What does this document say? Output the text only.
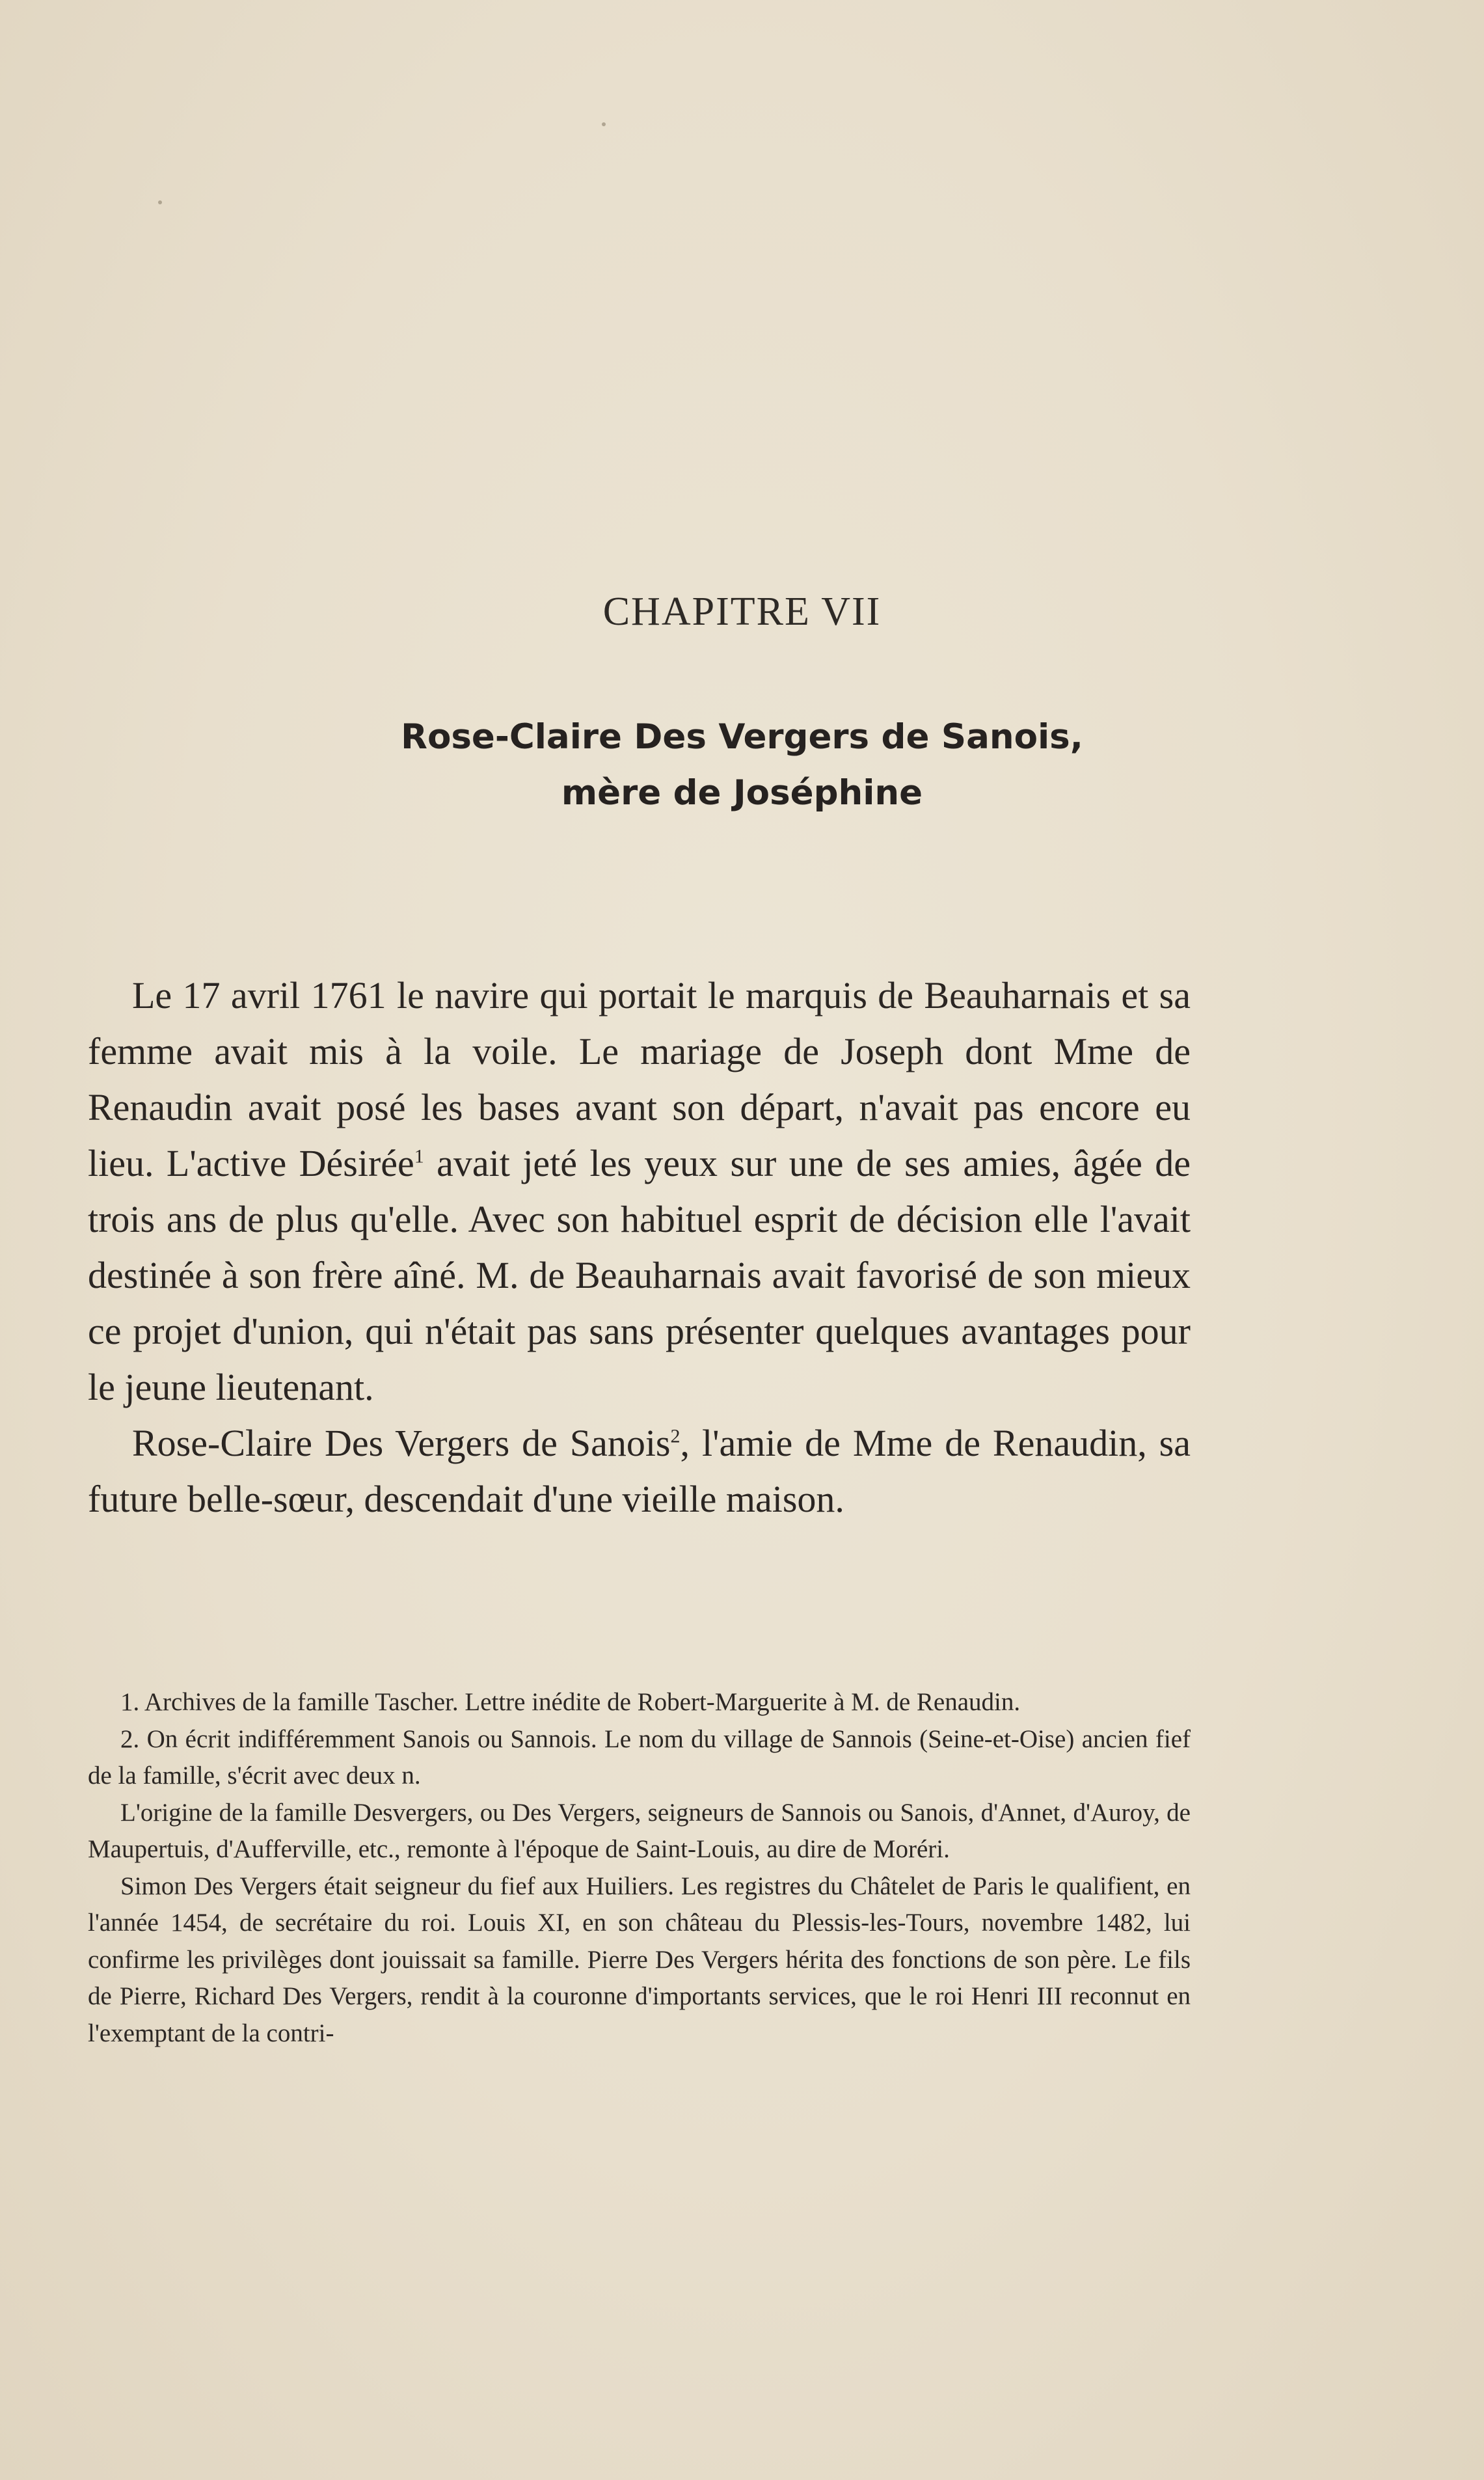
CHAPITRE VII
Rose-Claire Des Vergers de Sanois,
mère de Joséphine

Le 17 avril 1761 le navire qui portait le marquis de Beauharnais et sa femme avait mis à la voile. Le mariage de Joseph dont Mme de Renaudin avait posé les bases avant son départ, n'avait pas encore eu lieu. L'active Désirée$^1$ avait jeté les yeux sur une de ses amies, âgée de trois ans de plus qu'elle. Avec son habituel esprit de décision elle l'avait destinée à son frère aîné. M. de Beauharnais avait favorisé de son mieux ce projet d'union, qui n'était pas sans présenter quelques avantages pour le jeune lieutenant.

Rose-Claire Des Vergers de Sanois$^2$, l'amie de Mme de Renaudin, sa future belle-sœur, descendait d'une vieille maison.

1. Archives de la famille Tascher. Lettre inédite de Robert-Marguerite à M. de Renaudin.

2. On écrit indifféremment Sanois ou Sannois. Le nom du village de Sannois (Seine-et-Oise) ancien fief de la famille, s'écrit avec deux n.

L'origine de la famille Desvergers, ou Des Vergers, seigneurs de Sannois ou Sanois, d'Annet, d'Auroy, de Maupertuis, d'Aufferville, etc., remonte à l'époque de Saint-Louis, au dire de Moréri.

Simon Des Vergers était seigneur du fief aux Huiliers. Les registres du Châtelet de Paris le qualifient, en l'année 1454, de secrétaire du roi. Louis XI, en son château du Plessis-les-Tours, novembre 1482, lui confirme les privilèges dont jouissait sa famille. Pierre Des Vergers hérita des fonctions de son père. Le fils de Pierre, Richard Des Vergers, rendit à la couronne d'importants services, que le roi Henri III reconnut en l'exemptant de la contri-
